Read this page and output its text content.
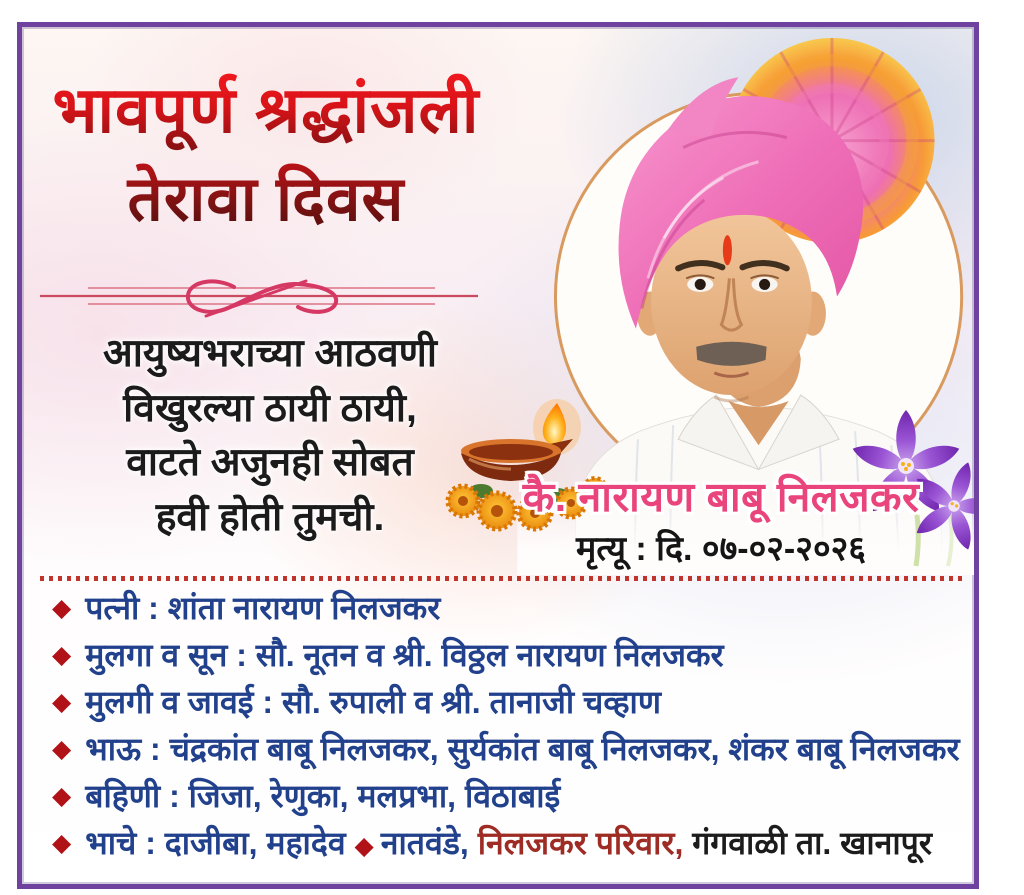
भावपूर्ण श्रद्धांजली
तेरावा दिवस
आयुष्यभराच्या आठवणी
विखुरल्या ठायी ठायी,
वाटते अजुनही सोबत
हवी होती तुमची.	कै. नारायण बाबू निलजकर
मृत्यू : दि. ०७-०२-२०२६
◆ पत्नी : शांता नारायण निलजकर
◆ मुलगा व सून : सौ. नूतन व श्री. विठ्ठल नारायण निलजकर
◆ मुलगी व जावई : सौ. रुपाली व श्री. तानाजी चव्हाण
◆ भाऊ : चंद्रकांत बाबू निलजकर, सुर्यकांत बाबू निलजकर, शंकर बाबू निलजकर
◆ बहिणी : जिजा, रेणुका, मलप्रभा, विठाबाई
◆ भाचे : दाजीबा, महादेव ◆ नातवंडे, निलजकर परिवार, गंगवाळी ता. खानापूर
